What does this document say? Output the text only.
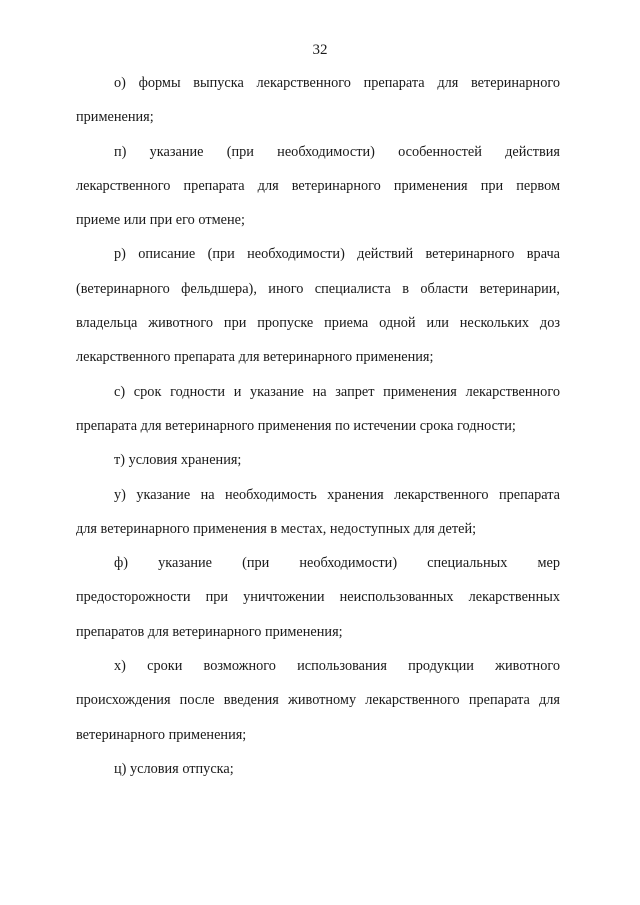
32
о) формы выпуска лекарственного препарата для ветеринарного
применения;
п) указание (при необходимости) особенностей действия
лекарственного препарата для ветеринарного применения при первом
приеме или при его отмене;
р) описание (при необходимости) действий ветеринарного врача
(ветеринарного фельдшера), иного специалиста в области ветеринарии,
владельца животного при пропуске приема одной или нескольких доз
лекарственного препарата для ветеринарного применения;
с) срок годности и указание на запрет применения лекарственного
препарата для ветеринарного применения по истечении срока годности;
т) условия хранения;
у) указание на необходимость хранения лекарственного препарата
для ветеринарного применения в местах, недоступных для детей;
ф) указание (при необходимости) специальных мер
предосторожности при уничтожении неиспользованных лекарственных
препаратов для ветеринарного применения;
х) сроки возможного использования продукции животного
происхождения после введения животному лекарственного препарата для
ветеринарного применения;
ц) условия отпуска;
